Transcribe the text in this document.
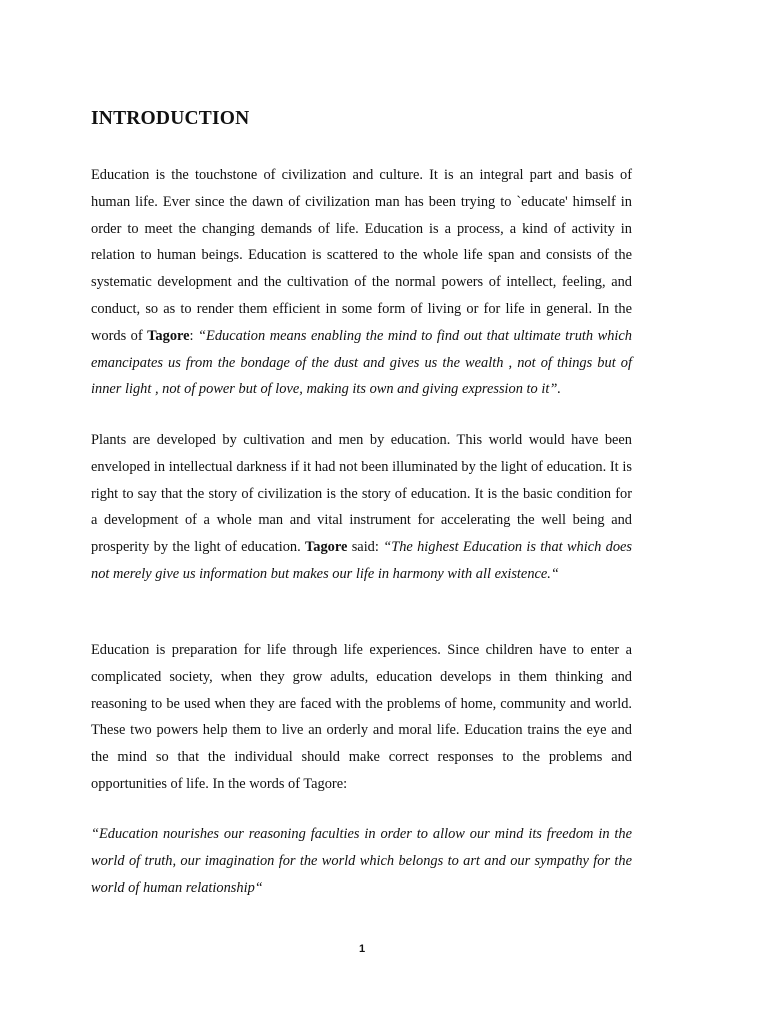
INTRODUCTION

Education is the touchstone of civilization and culture. It is an integral part and basis of human life. Ever since the dawn of civilization man has been trying to `educate' himself in order to meet the changing demands of life. Education is a process, a kind of activity in relation to human beings. Education is scattered to the whole life span and consists of the systematic development and the cultivation of the normal powers of intellect, feeling, and conduct, so as to render them efficient in some form of living or for life in general. In the words of Tagore: “Education means enabling the mind to find out that ultimate truth which emancipates us from the bondage of the dust and gives us the wealth , not of things but of inner light , not of power but of love, making its own and giving expression to it”.

Plants are developed by cultivation and men by education. This world would have been enveloped in intellectual darkness if it had not been illuminated by the light of education. It is right to say that the story of civilization is the story of education. It is the basic condition for a development of a whole man and vital instrument for accelerating the well being and prosperity by the light of education. Tagore said: “The highest Education is that which does not merely give us information but makes our life in harmony with all existence.“

Education is preparation for life through life experiences. Since children have to enter a complicated society, when they grow adults, education develops in them thinking and reasoning to be used when they are faced with the problems of home, community and world. These two powers help them to live an orderly and moral life. Education trains the eye and the mind so that the individual should make correct responses to the problems and opportunities of life. In the words of Tagore:

“Education nourishes our reasoning faculties in order to allow our mind its freedom in the world of truth, our imagination for the world which belongs to art and our sympathy for the world of human relationship“

1
